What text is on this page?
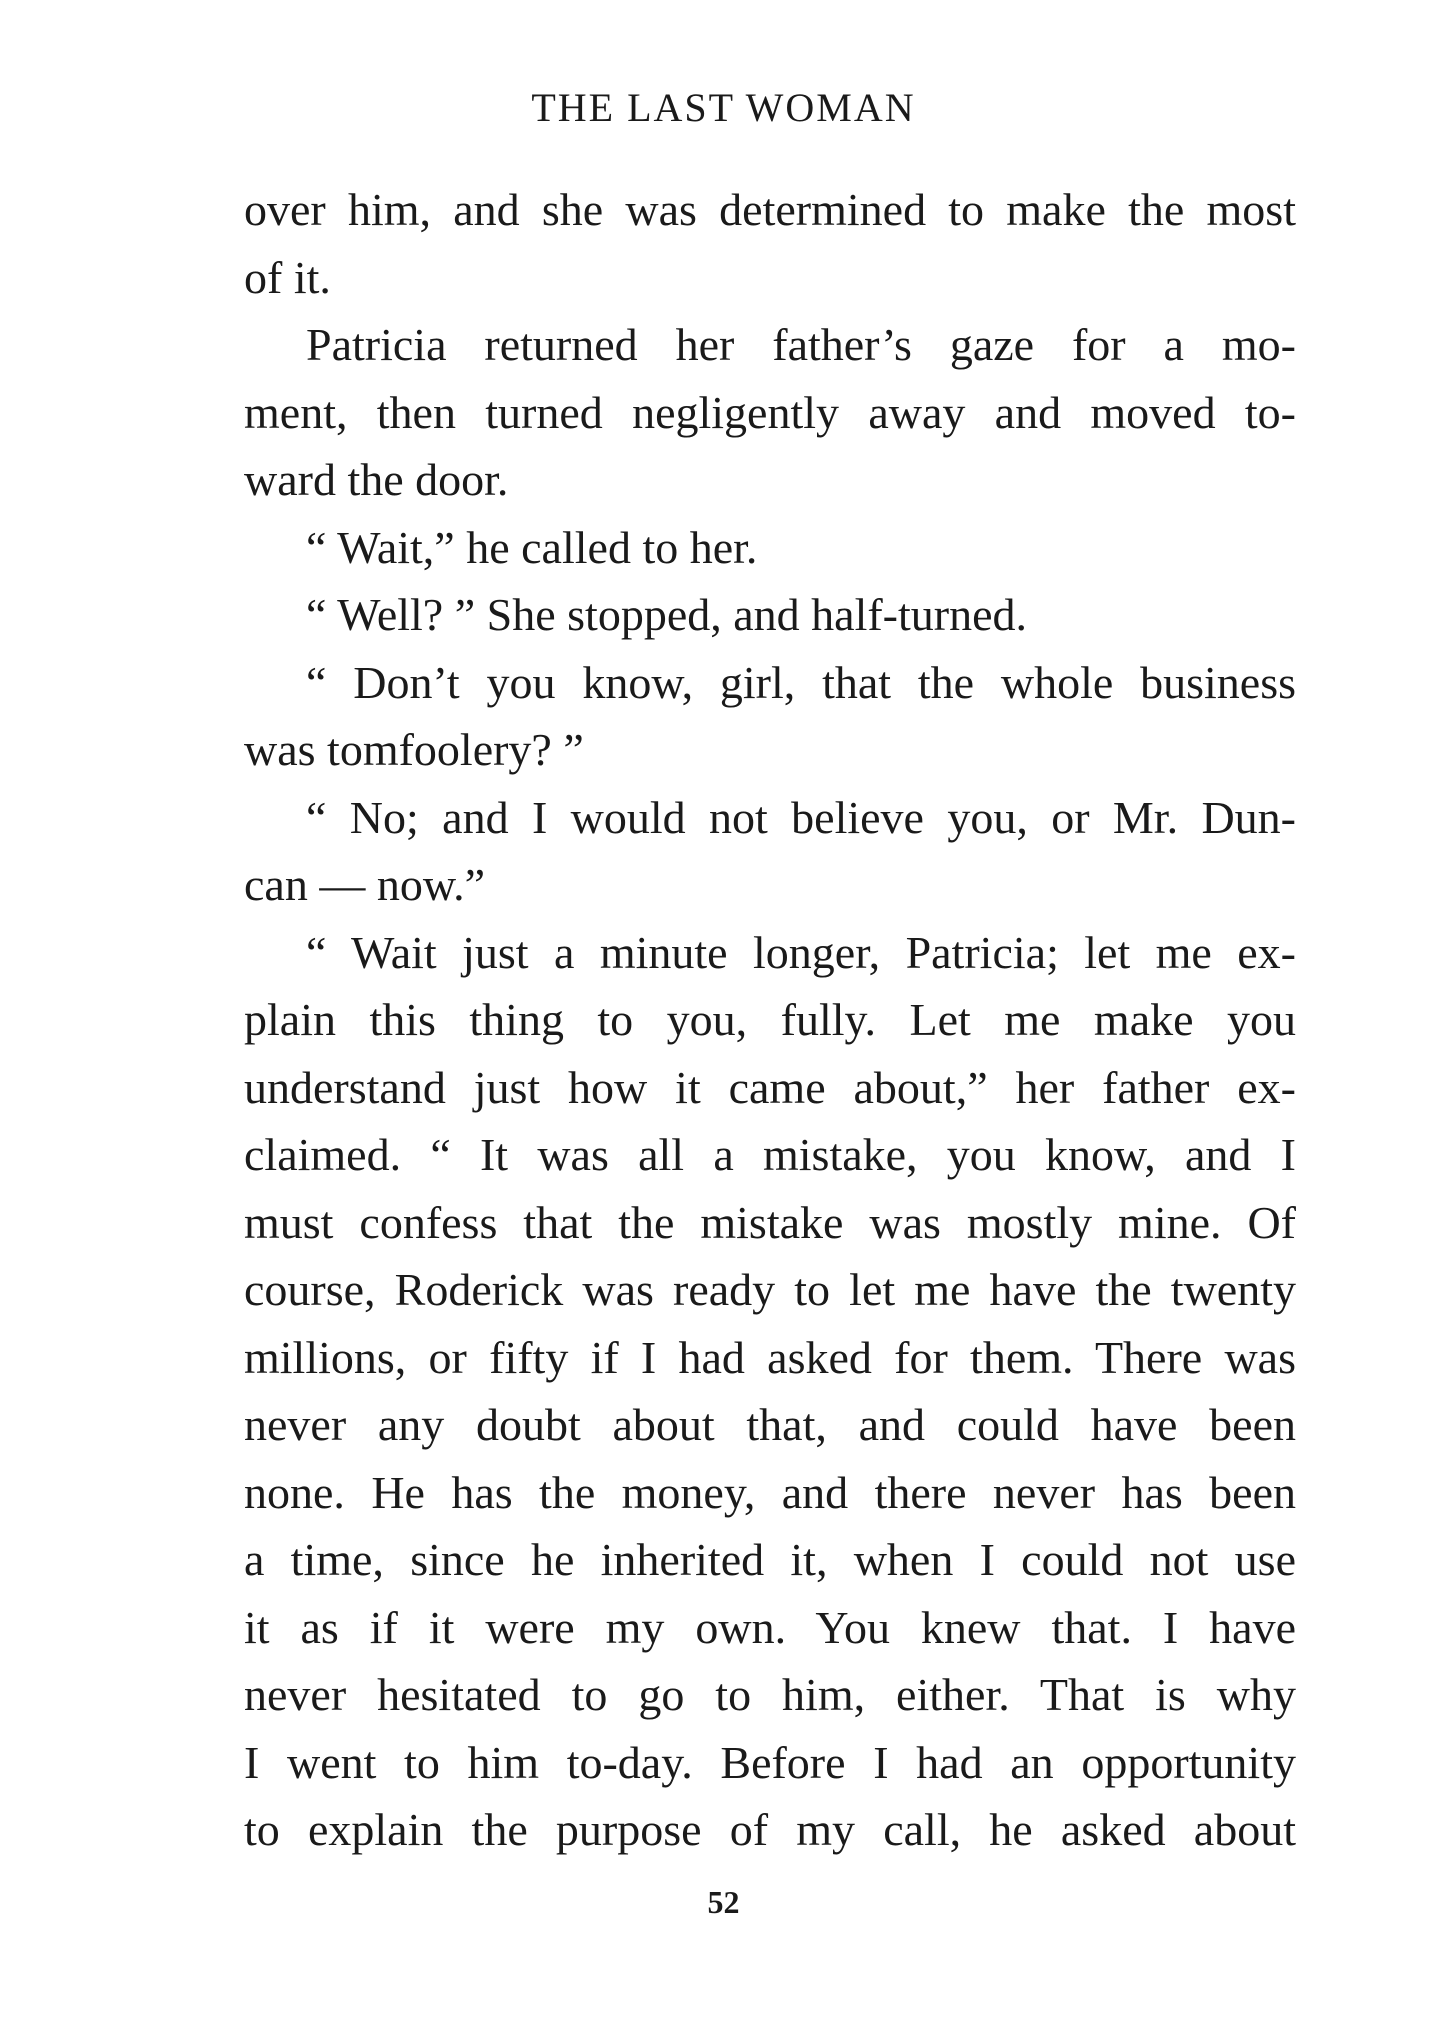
THE LAST WOMAN
over him, and she was determined to make the most
of it.
Patricia returned her father’s gaze for a mo-
ment, then turned negligently away and moved to-
ward the door.
“ Wait,” he called to her.
“ Well? ” She stopped, and half-turned.
“ Don’t you know, girl, that the whole business
was tomfoolery? ”
“ No; and I would not believe you, or Mr. Dun-
can — now.”
“ Wait just a minute longer, Patricia; let me ex-
plain this thing to you, fully. Let me make you
understand just how it came about,” her father ex-
claimed. “ It was all a mistake, you know, and I
must confess that the mistake was mostly mine. Of
course, Roderick was ready to let me have the twenty
millions, or fifty if I had asked for them. There was
never any doubt about that, and could have been
none. He has the money, and there never has been
a time, since he inherited it, when I could not use
it as if it were my own. You knew that. I have
never hesitated to go to him, either. That is why
I went to him to-day. Before I had an opportunity
to explain the purpose of my call, he asked about
52
